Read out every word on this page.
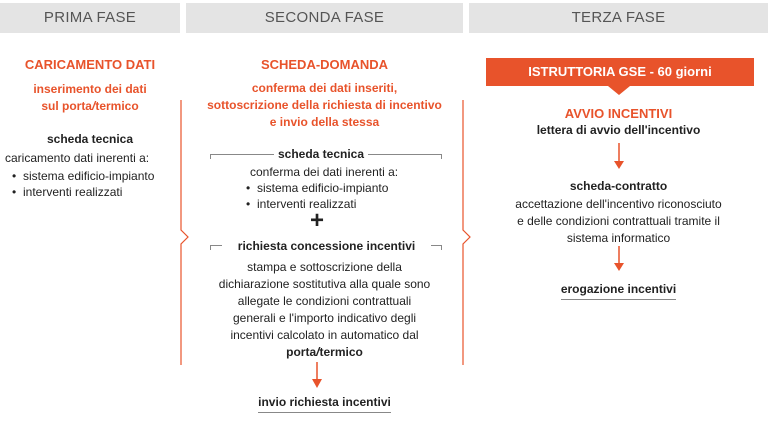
PRIMA FASE	SECONDA FASE	TERZA FASE
CARICAMENTO DATI
inserimento dei dati
sul porta/termico
scheda tecnica
caricamento dati inerenti a:
• sistema edificio-impianto
• interventi realizzati
SCHEDA-DOMANDA
conferma dei dati inseriti,
sottoscrizione della richiesta di incentivo
e invio della stessa
scheda tecnica
conferma dei dati inerenti a:
• sistema edificio-impianto
• interventi realizzati
+
richiesta concessione incentivi
stampa e sottoscrizione della
dichiarazione sostitutiva alla quale sono
allegate le condizioni contrattuali
generali e l'importo indicativo degli
incentivi calcolato in automatico dal
porta/termico
invio richiesta incentivi
ISTRUTTORIA GSE - 60 giorni
AVVIO INCENTIVI
lettera di avvio dell'incentivo
scheda-contratto
accettazione dell'incentivo riconosciuto
e delle condizioni contrattuali tramite il
sistema informatico
erogazione incentivi
